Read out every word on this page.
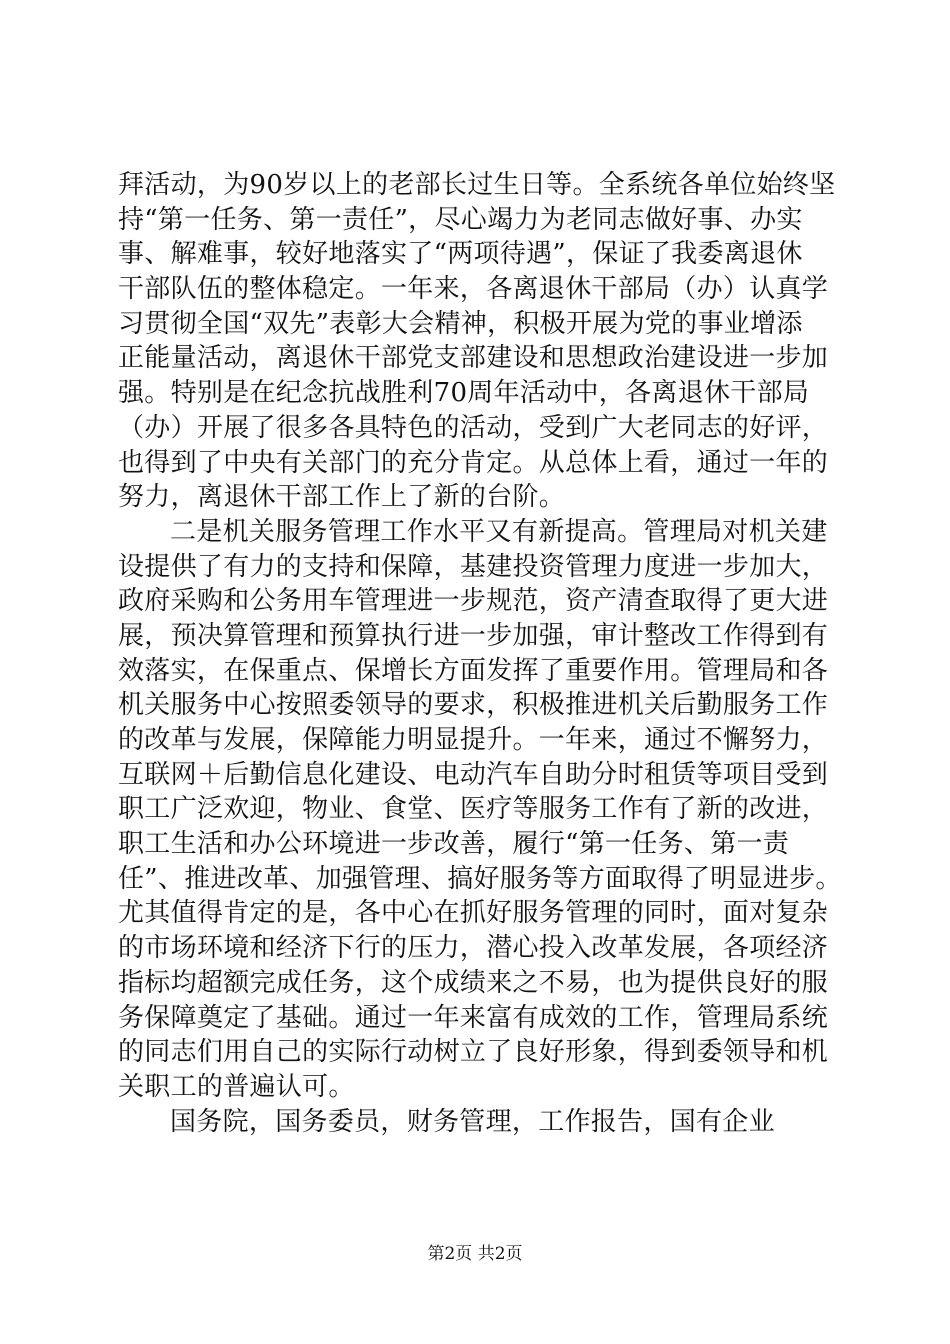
拜活动，为90岁以上的老部长过生日等。全系统各单位始终坚
持“第一任务、第一责任”，尽心竭力为老同志做好事、办实
事、解难事，较好地落实了“两项待遇”，保证了我委离退休
干部队伍的整体稳定。一年来，各离退休干部局（办）认真学
习贯彻全国“双先”表彰大会精神，积极开展为党的事业增添
正能量活动，离退休干部党支部建设和思想政治建设进一步加
强。特别是在纪念抗战胜利70周年活动中，各离退休干部局
（办）开展了很多各具特色的活动，受到广大老同志的好评，
也得到了中央有关部门的充分肯定。从总体上看，通过一年的
努力，离退休干部工作上了新的台阶。
二是机关服务管理工作水平又有新提高。管理局对机关建
设提供了有力的支持和保障，基建投资管理力度进一步加大，
政府采购和公务用车管理进一步规范，资产清查取得了更大进
展，预决算管理和预算执行进一步加强，审计整改工作得到有
效落实，在保重点、保增长方面发挥了重要作用。管理局和各
机关服务中心按照委领导的要求，积极推进机关后勤服务工作
的改革与发展，保障能力明显提升。一年来，通过不懈努力，
互联网＋后勤信息化建设、电动汽车自助分时租赁等项目受到
职工广泛欢迎，物业、食堂、医疗等服务工作有了新的改进，
职工生活和办公环境进一步改善，履行“第一任务、第一责
任”、推进改革、加强管理、搞好服务等方面取得了明显进步。
尤其值得肯定的是，各中心在抓好服务管理的同时，面对复杂
的市场环境和经济下行的压力，潜心投入改革发展，各项经济
指标均超额完成任务，这个成绩来之不易，也为提供良好的服
务保障奠定了基础。通过一年来富有成效的工作，管理局系统
的同志们用自己的实际行动树立了良好形象，得到委领导和机
关职工的普遍认可。
国务院，国务委员，财务管理，工作报告，国有企业
第2页 共2页
